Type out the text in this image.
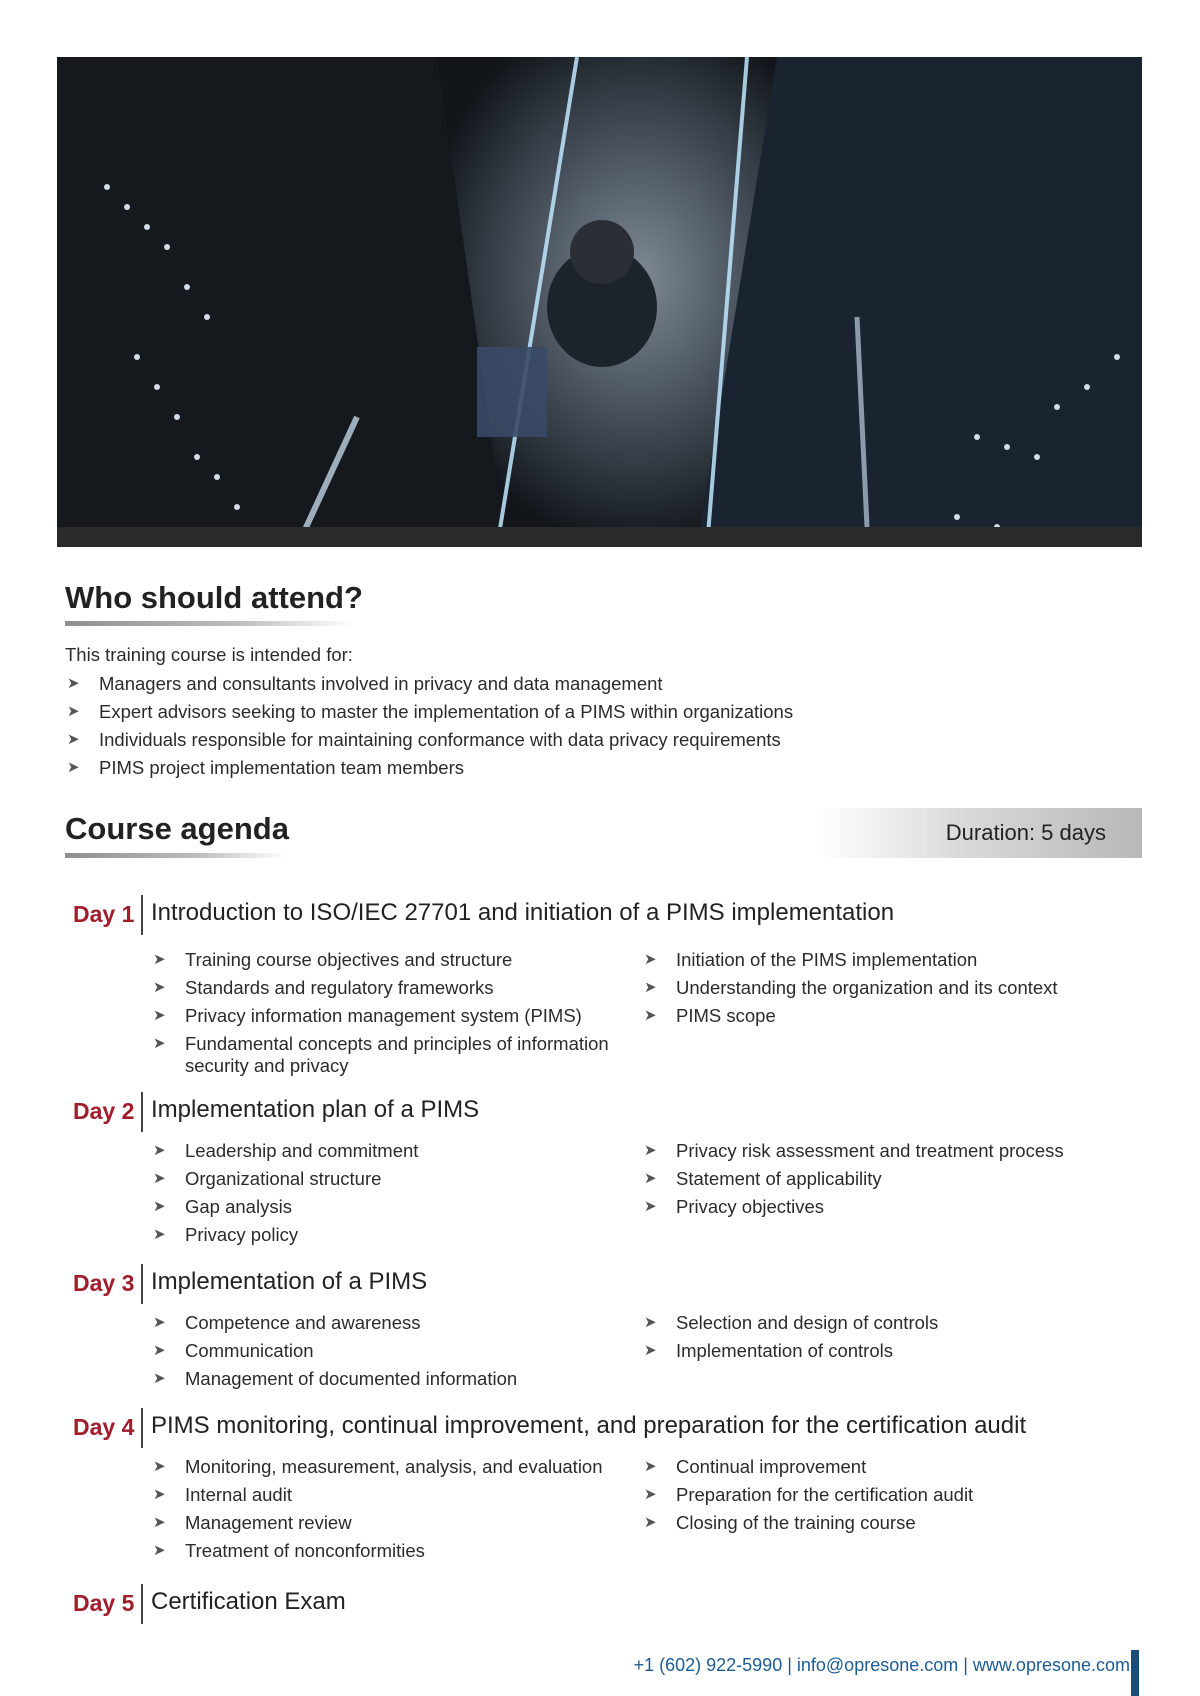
Who should attend?
This training course is intended for:
➤ Managers and consultants involved in privacy and data management
➤ Expert advisors seeking to master the implementation of a PIMS within organizations
➤ Individuals responsible for maintaining conformance with data privacy requirements
➤ PIMS project implementation team members
Course agenda	Duration: 5 days
Day 1 Introduction to ISO/IEC 27701 and initiation of a PIMS implementation
➤ Training course objectives and structure
➤ Standards and regulatory frameworks
➤ Privacy information management system (PIMS)
➤ Fundamental concepts and principles of information security and privacy
➤ Initiation of the PIMS implementation
➤ Understanding the organization and its context
➤ PIMS scope
Day 2 Implementation plan of a PIMS
➤ Leadership and commitment
➤ Organizational structure
➤ Gap analysis
➤ Privacy policy
➤ Privacy risk assessment and treatment process
➤ Statement of applicability
➤ Privacy objectives
Day 3 Implementation of a PIMS
➤ Competence and awareness
➤ Communication
➤ Management of documented information
➤ Selection and design of controls
➤ Implementation of controls
Day 4 PIMS monitoring, continual improvement, and preparation for the certification audit
➤ Monitoring, measurement, analysis, and evaluation
➤ Internal audit
➤ Management review
➤ Treatment of nonconformities
➤ Continual improvement
➤ Preparation for the certification audit
➤ Closing of the training course
Day 5 Certification Exam
+1 (602) 922-5990 | info@opresone.com | www.opresone.com
